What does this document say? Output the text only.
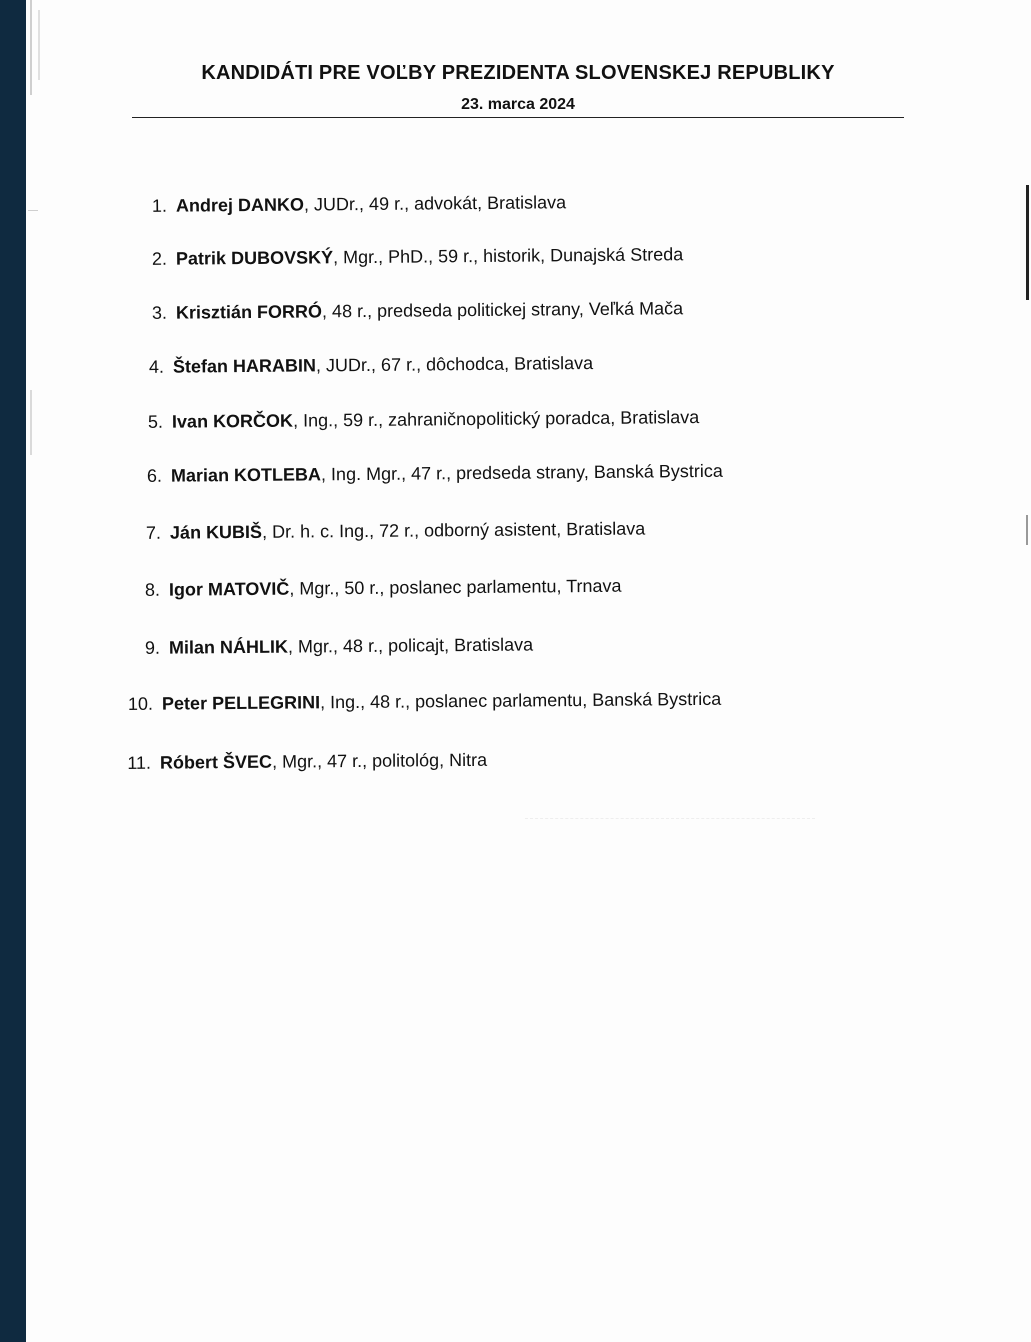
KANDIDÁTI PRE VOĽBY PREZIDENTA SLOVENSKEJ REPUBLIKY
23. marca 2024
1. Andrej DANKO, JUDr., 49 r., advokát, Bratislava
2. Patrik DUBOVSKÝ, Mgr., PhD., 59 r., historik, Dunajská Streda
3. Krisztián FORRÓ, 48 r., predseda politickej strany, Veľká Mača
4. Štefan HARABIN, JUDr., 67 r., dôchodca, Bratislava
5. Ivan KORČOK, Ing., 59 r., zahraničnopolitický poradca, Bratislava
6. Marian KOTLEBA, Ing. Mgr., 47 r., predseda strany, Banská Bystrica
7. Ján KUBIŠ, Dr. h. c. Ing., 72 r., odborný asistent, Bratislava
8. Igor MATOVIČ, Mgr., 50 r., poslanec parlamentu, Trnava
9. Milan NÁHLIK, Mgr., 48 r., policajt, Bratislava
10. Peter PELLEGRINI, Ing., 48 r., poslanec parlamentu, Banská Bystrica
11. Róbert ŠVEC, Mgr., 47 r., politológ, Nitra
